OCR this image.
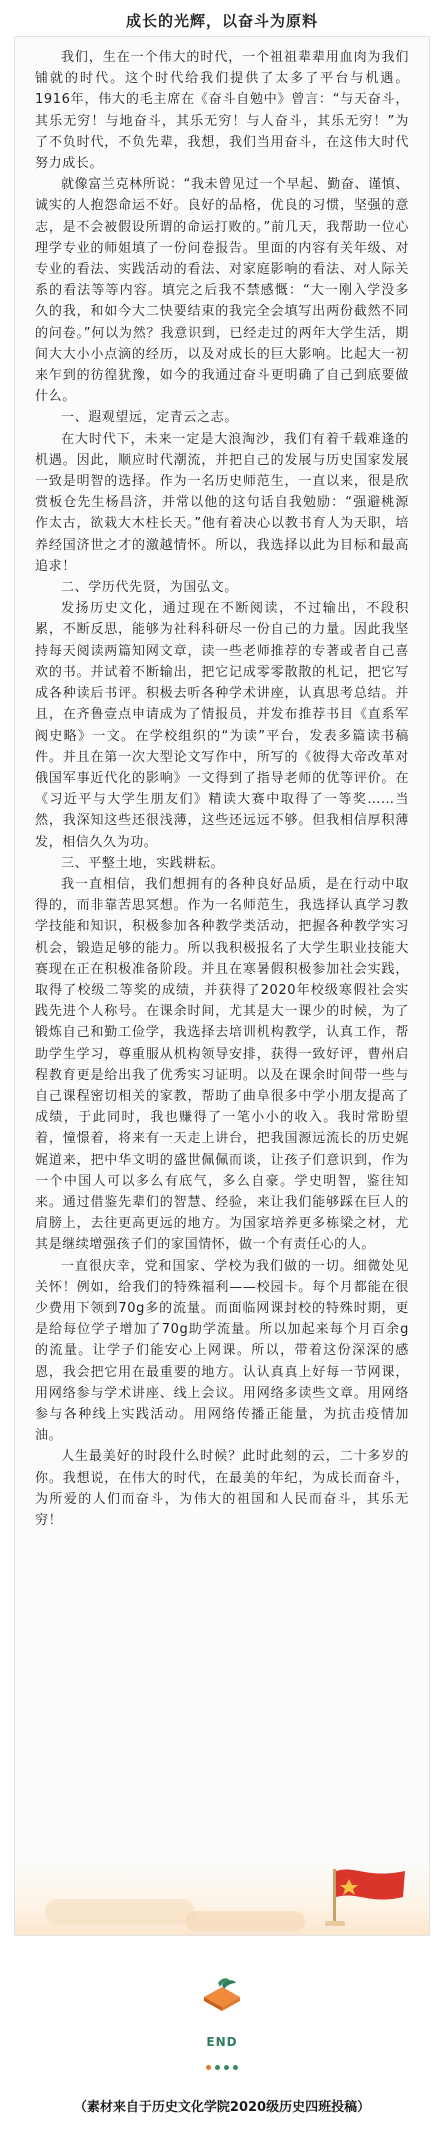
成长的光辉，以奋斗为原料

我们，生在一个伟大的时代，一个祖祖辈辈用血肉为我们铺就的时代。这个时代给我们提供了太多了平台与机遇。1916年，伟大的毛主席在《奋斗自勉中》曾言：“与天奋斗，其乐无穷！与地奋斗，其乐无穷！与人奋斗，其乐无穷！”为了不负时代，不负先辈，我想，我们当用奋斗，在这伟大时代努力成长。

就像富兰克林所说：“我未曾见过一个早起、勤奋、谨慎、诚实的人抱怨命运不好。良好的品格，优良的习惯，坚强的意志，是不会被假设所谓的命运打败的。”前几天，我帮助一位心理学专业的师姐填了一份问卷报告。里面的内容有关年级、对专业的看法、实践活动的看法、对家庭影响的看法、对人际关系的看法等等内容。填完之后我不禁感慨：“大一刚入学没多久的我，和如今大二快要结束的我完全会填写出两份截然不同的问卷。”何以为然？我意识到，已经走过的两年大学生活，期间大大小小点滴的经历，以及对成长的巨大影响。比起大一初来乍到的彷徨犹豫，如今的我通过奋斗更明确了自己到底要做什么。

一、遐观望远，定青云之志。

在大时代下，未来一定是大浪淘沙，我们有着千载难逢的机遇。因此，顺应时代潮流，并把自己的发展与历史国家发展一致是明智的选择。作为一名历史师范生，一直以来，很是欣赏板仓先生杨昌济，并常以他的这句话自我勉励：“强避桃源作太古，欲栽大木柱长天。”他有着决心以教书育人为天职，培养经国济世之才的激越情怀。所以，我选择以此为目标和最高追求！

二、学历代先贤，为国弘文。

发扬历史文化，通过现在不断阅读，不过输出，不段积累，不断反思，能够为社科科研尽一份自己的力量。因此我坚持每天阅读两篇知网文章，读一些老师推荐的专著或者自己喜欢的书。并试着不断输出，把它记成零零散散的札记，把它写成各种读后书评。积极去听各种学术讲座，认真思考总结。并且，在齐鲁壹点申请成为了情报员，并发布推荐书目《直系军阀史略》一文。在学校组织的“为读”平台，发表多篇读书稿件。并且在第一次大型论文写作中，所写的《彼得大帝改革对俄国军事近代化的影响》一文得到了指导老师的优等评价。在《习近平与大学生朋友们》精读大赛中取得了一等奖……当然，我深知这些还很浅薄，这些还远远不够。但我相信厚积薄发，相信久久为功。

三、平整土地，实践耕耘。

我一直相信，我们想拥有的各种良好品质，是在行动中取得的，而非靠苦思冥想。作为一名师范生，我选择认真学习教学技能和知识，积极参加各种教学类活动，把握各种教学实习机会，锻造足够的能力。所以我积极报名了大学生职业技能大赛现在正在积极准备阶段。并且在寒暑假积极参加社会实践，取得了校级二等奖的成绩，并获得了2020年校级寒假社会实践先进个人称号。在课余时间，尤其是大一课少的时候，为了锻炼自己和勤工俭学，我选择去培训机构教学，认真工作，帮助学生学习，尊重服从机构领导安排，获得一致好评，曹州启程教育更是给出我了优秀实习证明。以及在课余时间带一些与自己课程密切相关的家教，帮助了曲阜很多中学小朋友提高了成绩，于此同时，我也赚得了一笔小小的收入。我时常盼望着，憧憬着，将来有一天走上讲台，把我国源远流长的历史娓娓道来，把中华文明的盛世佩佩而谈，让孩子们意识到，作为一个中国人可以多么有底气，多么自豪。学史明智，鉴往知来。通过借鉴先辈们的智慧、经验，来让我们能够踩在巨人的肩膀上，去往更高更远的地方。为国家培养更多栋梁之材，尤其是继续增强孩子们的家国情怀，做一个有责任心的人。

一直很庆幸，党和国家、学校为我们做的一切。细微处见关怀！例如，给我们的特殊福利——校园卡。每个月都能在很少费用下领到70g多的流量。而面临网课封校的特殊时期，更是给每位学子增加了70g助学流量。所以加起来每个月百余g的流量。让学子们能安心上网课。所以，带着这份深深的感恩，我会把它用在最重要的地方。认认真真上好每一节网课，用网络参与学术讲座、线上会议。用网络多读些文章。用网络参与各种线上实践活动。用网络传播正能量，为抗击疫情加油。

人生最美好的时段什么时候？此时此刻的云，二十多岁的你。我想说，在伟大的时代，在最美的年纪，为成长而奋斗，为所爱的人们而奋斗，为伟大的祖国和人民而奋斗，其乐无穷！

END
（素材来自于历史文化学院2020级历史四班投稿）
